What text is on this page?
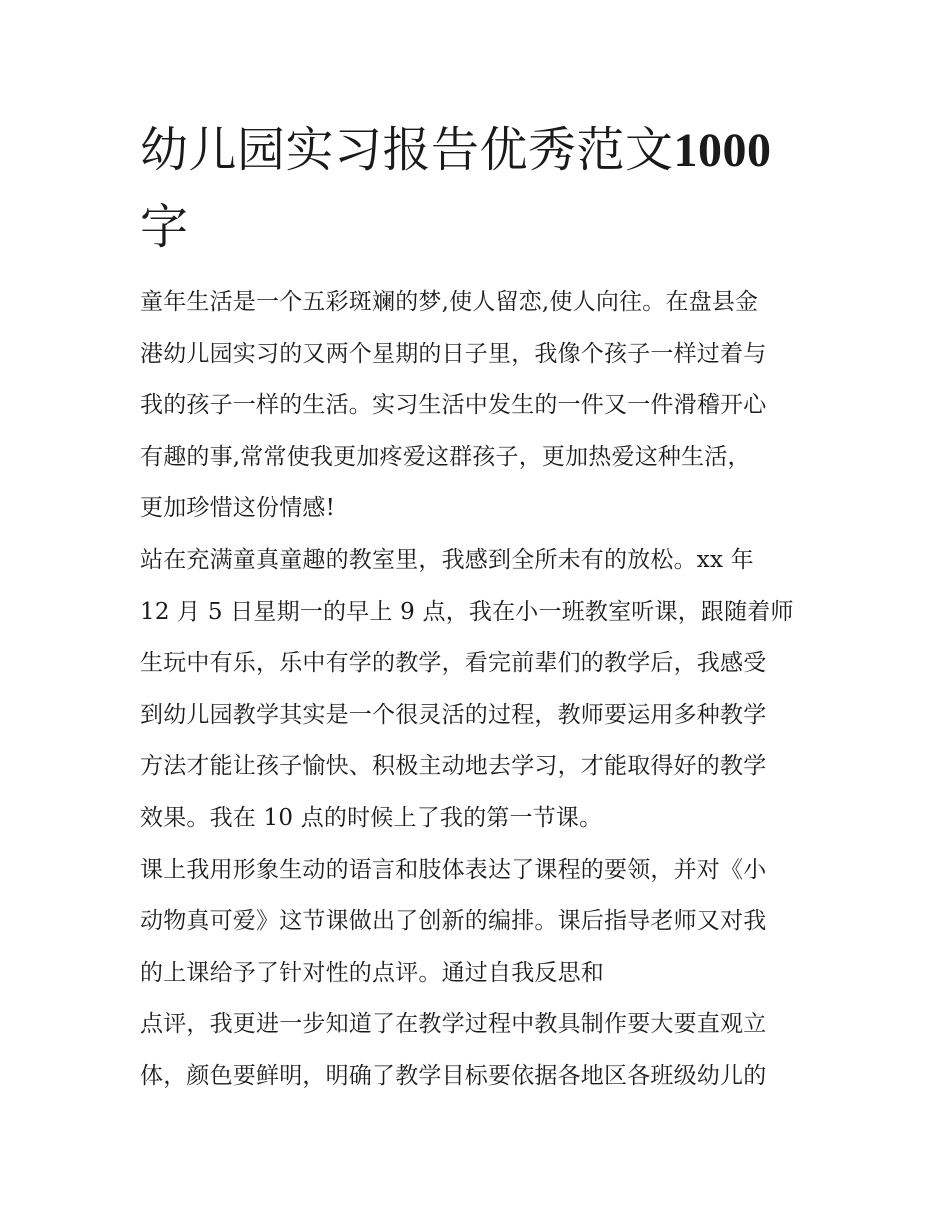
幼儿园实习报告优秀范文1000
字
童年生活是一个五彩斑斓的梦,使人留恋,使人向往。在盘县金
港幼儿园实习的又两个星期的日子里，我像个孩子一样过着与
我的孩子一样的生活。实习生活中发生的一件又一件滑稽开心
有趣的事,常常使我更加疼爱这群孩子，更加热爱这种生活，
更加珍惜这份情感!
站在充满童真童趣的教室里，我感到全所未有的放松。xx 年
12 月 5 日星期一的早上 9 点，我在小一班教室听课，跟随着师
生玩中有乐，乐中有学的教学，看完前辈们的教学后，我感受
到幼儿园教学其实是一个很灵活的过程，教师要运用多种教学
方法才能让孩子愉快、积极主动地去学习，才能取得好的教学
效果。我在 10 点的时候上了我的第一节课。
课上我用形象生动的语言和肢体表达了课程的要领，并对《小
动物真可爱》这节课做出了创新的编排。课后指导老师又对我
的上课给予了针对性的点评。通过自我反思和
点评，我更进一步知道了在教学过程中教具制作要大要直观立
体，颜色要鲜明，明确了教学目标要依据各地区各班级幼儿的
